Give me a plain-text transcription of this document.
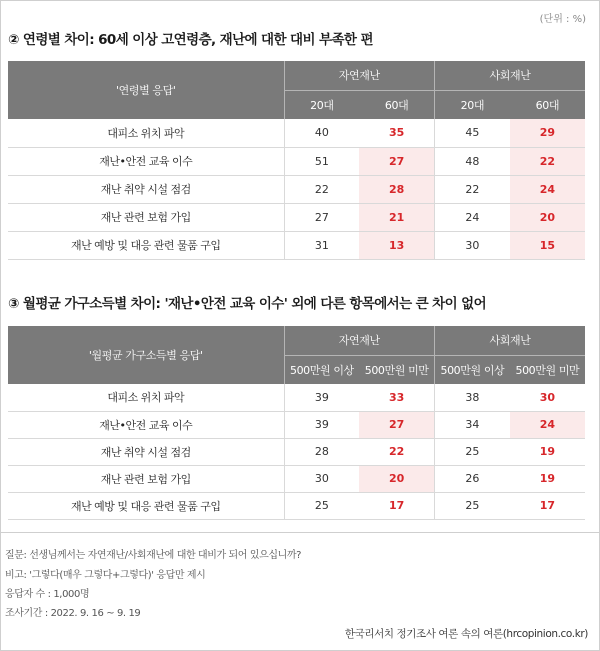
(단위 : %)
② 연령별 차이: 60세 이상 고연령층, 재난에 대한 대비 부족한 편
'연령별 응답'	자연재난		사회재난	
	20대	60대	20대	60대
대피소 위치 파악	40	35	45	29
재난•안전 교육 이수	51	27	48	22
재난 취약 시설 점검	22	28	22	24
재난 관련 보험 가입	27	21	24	20
재난 예방 및 대응 관련 물품 구입	31	13	30	15
③ 월평균 가구소득별 차이: '재난•안전 교육 이수' 외에 다른 항목에서는 큰 차이 없어
'월평균 가구소득별 응답'	자연재난		사회재난	
	500만원 이상	500만원 미만	500만원 이상	500만원 미만
대피소 위치 파악	39	33	38	30
재난•안전 교육 이수	39	27	34	24
재난 취약 시설 점검	28	22	25	19
재난 관련 보험 가입	30	20	26	19
재난 예방 및 대응 관련 물품 구입	25	17	25	17
질문: 선생님께서는 자연재난/사회재난에 대한 대비가 되어 있으십니까?
비고: '그렇다(매우 그렇다+그렇다)' 응답만 제시
응답자 수 : 1,000명
조사기간 : 2022. 9. 16 ~ 9. 19
한국리서치 정기조사 여론 속의 여론(hrcopinion.co.kr)
